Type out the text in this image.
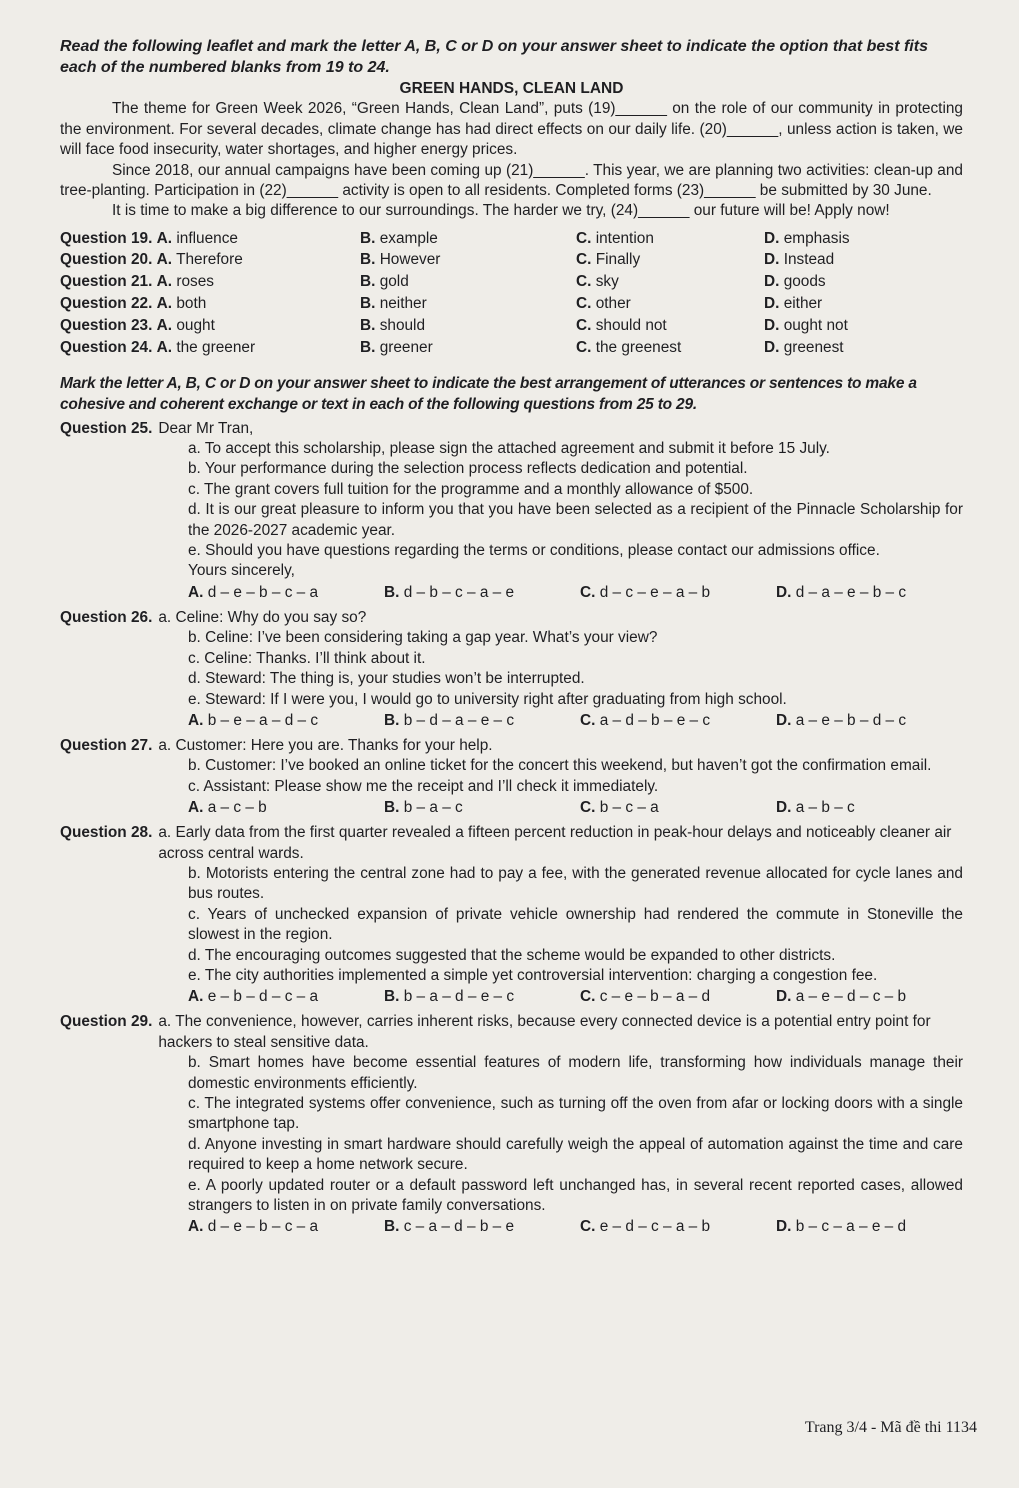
Read the following leaflet and mark the letter A, B, C or D on your answer sheet to indicate the option that best fits each of the numbered blanks from 19 to 24.

GREEN HANDS, CLEAN LAND

The theme for Green Week 2026, “Green Hands, Clean Land”, puts (19)______ on the role of our community in protecting the environment. For several decades, climate change has had direct effects on our daily life. (20)______, unless action is taken, we will face food insecurity, water shortages, and higher energy prices.

Since 2018, our annual campaigns have been coming up (21)______. This year, we are planning two activities: clean-up and tree-planting. Participation in (22)______ activity is open to all residents. Completed forms (23)______ be submitted by 30 June.

It is time to make a big difference to our surroundings. The harder we try, (24)______ our future will be! Apply now!

Question 19. A. influence	B. example	C. intention	D. emphasis
Question 20. A. Therefore	B. However	C. Finally	D. Instead
Question 21. A. roses	B. gold	C. sky	D. goods
Question 22. A. both	B. neither	C. other	D. either
Question 23. A. ought	B. should	C. should not	D. ought not
Question 24. A. the greener	B. greener	C. the greenest	D. greenest

Mark the letter A, B, C or D on your answer sheet to indicate the best arrangement of utterances or sentences to make a cohesive and coherent exchange or text in each of the following questions from 25 to 29.

Question 25. Dear Mr Tran,
a. To accept this scholarship, please sign the attached agreement and submit it before 15 July.
b. Your performance during the selection process reflects dedication and potential.
c. The grant covers full tuition for the programme and a monthly allowance of $500.
d. It is our great pleasure to inform you that you have been selected as a recipient of the Pinnacle Scholarship for the 2026-2027 academic year.
e. Should you have questions regarding the terms or conditions, please contact our admissions office.
Yours sincerely,
A. d – e – b – c – a	B. d – b – c – a – e	C. d – c – e – a – b	D. d – a – e – b – c
Question 26. a. Celine: Why do you say so?
b. Celine: I’ve been considering taking a gap year. What’s your view?
c. Celine: Thanks. I’ll think about it.
d. Steward: The thing is, your studies won’t be interrupted.
e. Steward: If I were you, I would go to university right after graduating from high school.
A. b – e – a – d – c	B. b – d – a – e – c	C. a – d – b – e – c	D. a – e – b – d – c
Question 27. a. Customer: Here you are. Thanks for your help.
b. Customer: I’ve booked an online ticket for the concert this weekend, but haven’t got the confirmation email.
c. Assistant: Please show me the receipt and I’ll check it immediately.
A. a – c – b	B. b – a – c	C. b – c – a	D. a – b – c
Question 28. a. Early data from the first quarter revealed a fifteen percent reduction in peak-hour delays and noticeably cleaner air across central wards.
b. Motorists entering the central zone had to pay a fee, with the generated revenue allocated for cycle lanes and bus routes.
c. Years of unchecked expansion of private vehicle ownership had rendered the commute in Stoneville the slowest in the region.
d. The encouraging outcomes suggested that the scheme would be expanded to other districts.
e. The city authorities implemented a simple yet controversial intervention: charging a congestion fee.
A. e – b – d – c – a	B. b – a – d – e – c	C. c – e – b – a – d	D. a – e – d – c – b
Question 29. a. The convenience, however, carries inherent risks, because every connected device is a potential entry point for hackers to steal sensitive data.
b. Smart homes have become essential features of modern life, transforming how individuals manage their domestic environments efficiently.
c. The integrated systems offer convenience, such as turning off the oven from afar or locking doors with a single smartphone tap.
d. Anyone investing in smart hardware should carefully weigh the appeal of automation against the time and care required to keep a home network secure.
e. A poorly updated router or a default password left unchanged has, in several recent reported cases, allowed strangers to listen in on private family conversations.
A. d – e – b – c – a	B. c – a – d – b – e	C. e – d – c – a – b	D. b – c – a – e – d
Trang 3/4 - Mã đề thi 1134
